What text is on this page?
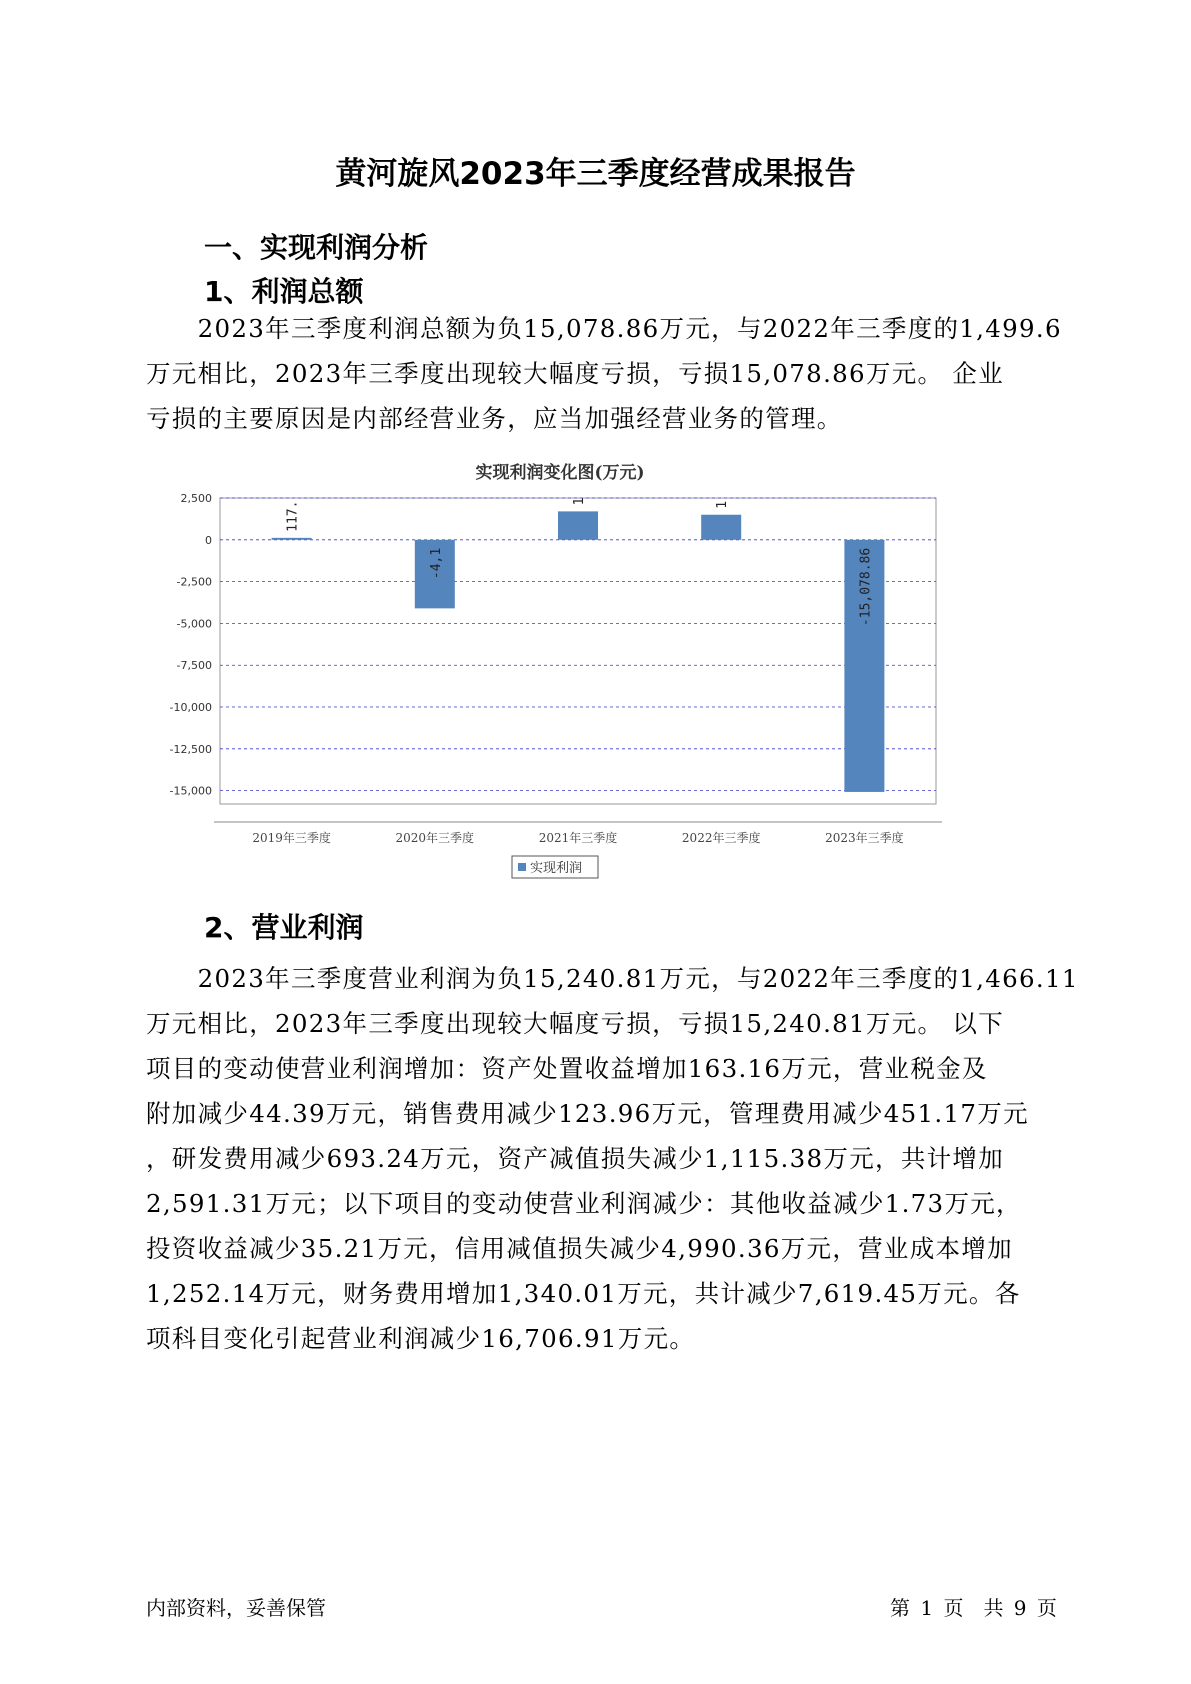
黄河旋风2023年三季度经营成果报告
一、实现利润分析
1、利润总额
　　2023年三季度利润总额为负15,078.86万元，与2022年三季度的1,499.6
万元相比，2023年三季度出现较大幅度亏损，亏损15,078.86万元。 企业
亏损的主要原因是内部经营业务，应当加强经营业务的管理。
实现利润变化图(万元)
2,500
0
-2,500
-5,000
-7,500
-10,000
-12,500
-15,000
117.
2019年三季度
-4,1
2020年三季度
1
2021年三季度
1
2022年三季度
-15,078.86
2023年三季度
实现利润
2、营业利润
　　2023年三季度营业利润为负15,240.81万元，与2022年三季度的1,466.11
万元相比，2023年三季度出现较大幅度亏损，亏损15,240.81万元。 以下
项目的变动使营业利润增加：资产处置收益增加163.16万元，营业税金及
附加减少44.39万元，销售费用减少123.96万元，管理费用减少451.17万元
，研发费用减少693.24万元，资产减值损失减少1,115.38万元，共计增加
2,591.31万元；以下项目的变动使营业利润减少：其他收益减少1.73万元，
投资收益减少35.21万元，信用减值损失减少4,990.36万元，营业成本增加
1,252.14万元，财务费用增加1,340.01万元，共计减少7,619.45万元。各
项科目变化引起营业利润减少16,706.91万元。
内部资料，妥善保管	第 1 页　共 9 页
